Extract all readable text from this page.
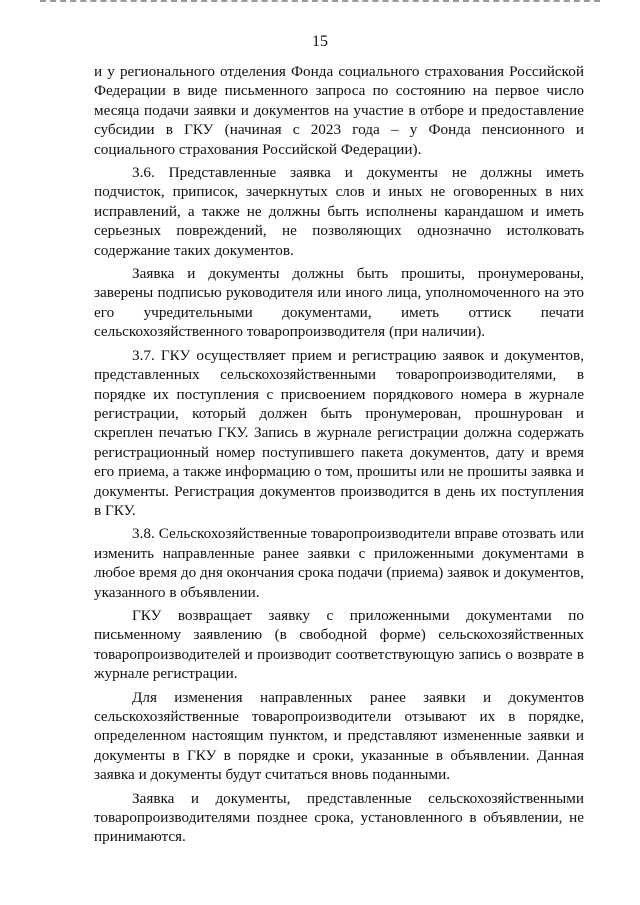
15

и у регионального отделения Фонда социального страхования Российской Федерации в виде письменного запроса по состоянию на первое число месяца подачи заявки и документов на участие в отборе и предоставление субсидии в ГКУ (начиная с 2023 года – у Фонда пенсионного и социального страхования Российской Федерации).

3.6. Представленные заявка и документы не должны иметь подчисток, приписок, зачеркнутых слов и иных не оговоренных в них исправлений, а также не должны быть исполнены карандашом и иметь серьезных повреждений, не позволяющих однозначно истолковать содержание таких документов.

Заявка и документы должны быть прошиты, пронумерованы, заверены подписью руководителя или иного лица, уполномоченного на это его учредительными документами, иметь оттиск печати сельскохозяйственного товаропроизводителя (при наличии).

3.7. ГКУ осуществляет прием и регистрацию заявок и документов, представленных сельскохозяйственными товаропроизводителями, в порядке их поступления с присвоением порядкового номера в журнале регистрации, который должен быть пронумерован, прошнурован и скреплен печатью ГКУ. Запись в журнале регистрации должна содержать регистрационный номер поступившего пакета документов, дату и время его приема, а также информацию о том, прошиты или не прошиты заявка и документы. Регистрация документов производится в день их поступления в ГКУ.

3.8. Сельскохозяйственные товаропроизводители вправе отозвать или изменить направленные ранее заявки с приложенными документами в любое время до дня окончания срока подачи (приема) заявок и документов, указанного в объявлении.

ГКУ возвращает заявку с приложенными документами по письменному заявлению (в свободной форме) сельскохозяйственных товаропроизводителей и производит соответствующую запись о возврате в журнале регистрации.

Для изменения направленных ранее заявки и документов сельскохозяйственные товаропроизводители отзывают их в порядке, определенном настоящим пунктом, и представляют измененные заявки и документы в ГКУ в порядке и сроки, указанные в объявлении. Данная заявка и документы будут считаться вновь поданными.

Заявка и документы, представленные сельскохозяйственными товаропроизводителями позднее срока, установленного в объявлении, не принимаются.
